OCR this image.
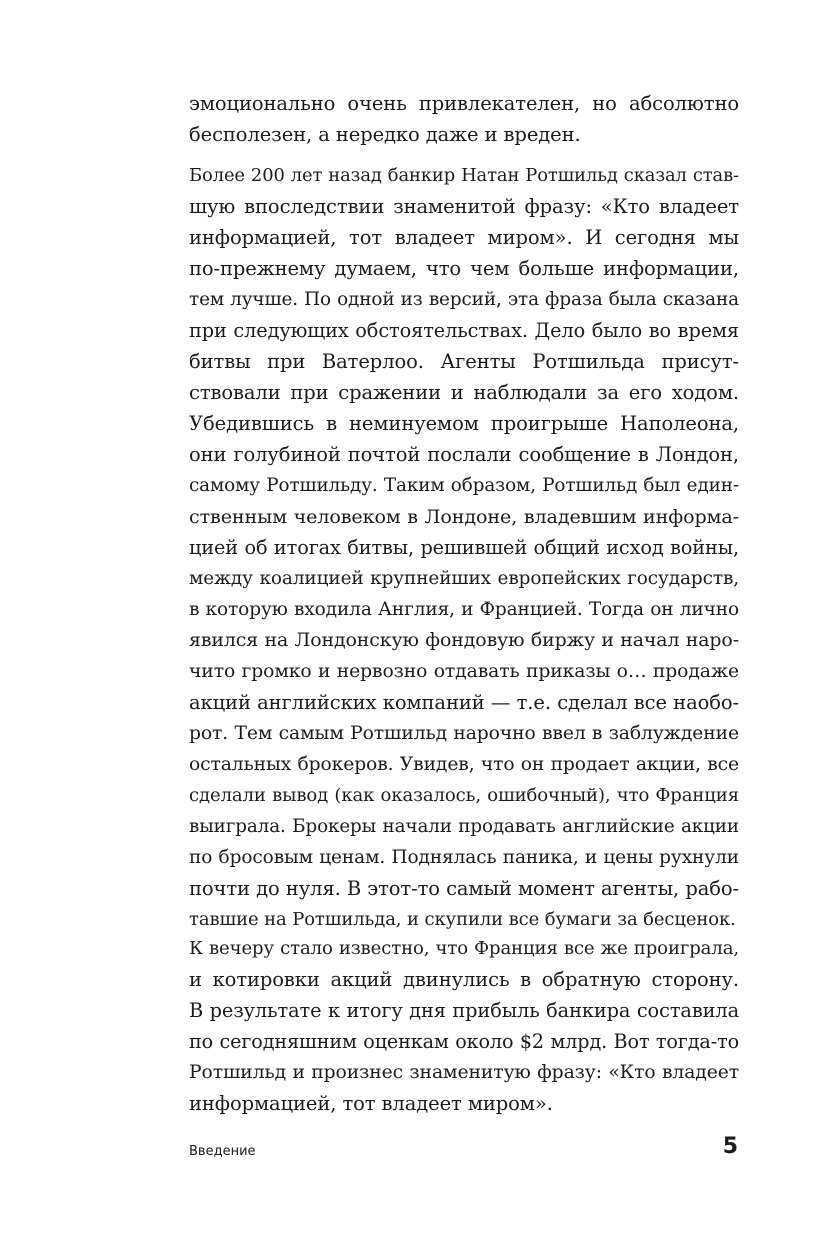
эмоционально очень привлекателен, но абсолютно
бесполезен, а нередко даже и вреден.
Более 200 лет назад банкир Натан Ротшильд сказал став-
шую впоследствии знаменитой фразу: «Кто владеет
информацией, тот владеет миром». И сегодня мы
по-прежнему думаем, что чем больше информации,
тем лучше. По одной из версий, эта фраза была сказана
при следующих обстоятельствах. Дело было во время
битвы при Ватерлоо. Агенты Ротшильда присут-
ствовали при сражении и наблюдали за его ходом.
Убедившись в неминуемом проигрыше Наполеона,
они голубиной почтой послали сообщение в Лондон,
самому Ротшильду. Таким образом, Ротшильд был един-
ственным человеком в Лондоне, владевшим информа-
цией об итогах битвы, решившей общий исход войны,
между коалицией крупнейших европейских государств,
в которую входила Англия, и Францией. Тогда он лично
явился на Лондонскую фондовую биржу и начал наро-
чито громко и нервозно отдавать приказы о… продаже
акций английских компаний — т.е. сделал все наобо-
рот. Тем самым Ротшильд нарочно ввел в заблуждение
остальных брокеров. Увидев, что он продает акции, все
сделали вывод (как оказалось, ошибочный), что Франция
выиграла. Брокеры начали продавать английские акции
по бросовым ценам. Поднялась паника, и цены рухнули
почти до нуля. В этот-то самый момент агенты, рабо-
тавшие на Ротшильда, и скупили все бумаги за бесценок.
К вечеру стало известно, что Франция все же проиграла,
и котировки акций двинулись в обратную сторону.
В результате к итогу дня прибыль банкира составила
по сегодняшним оценкам около $2 млрд. Вот тогда-то
Ротшильд и произнес знаменитую фразу: «Кто владеет
информацией, тот владеет миром».
Введение	5
